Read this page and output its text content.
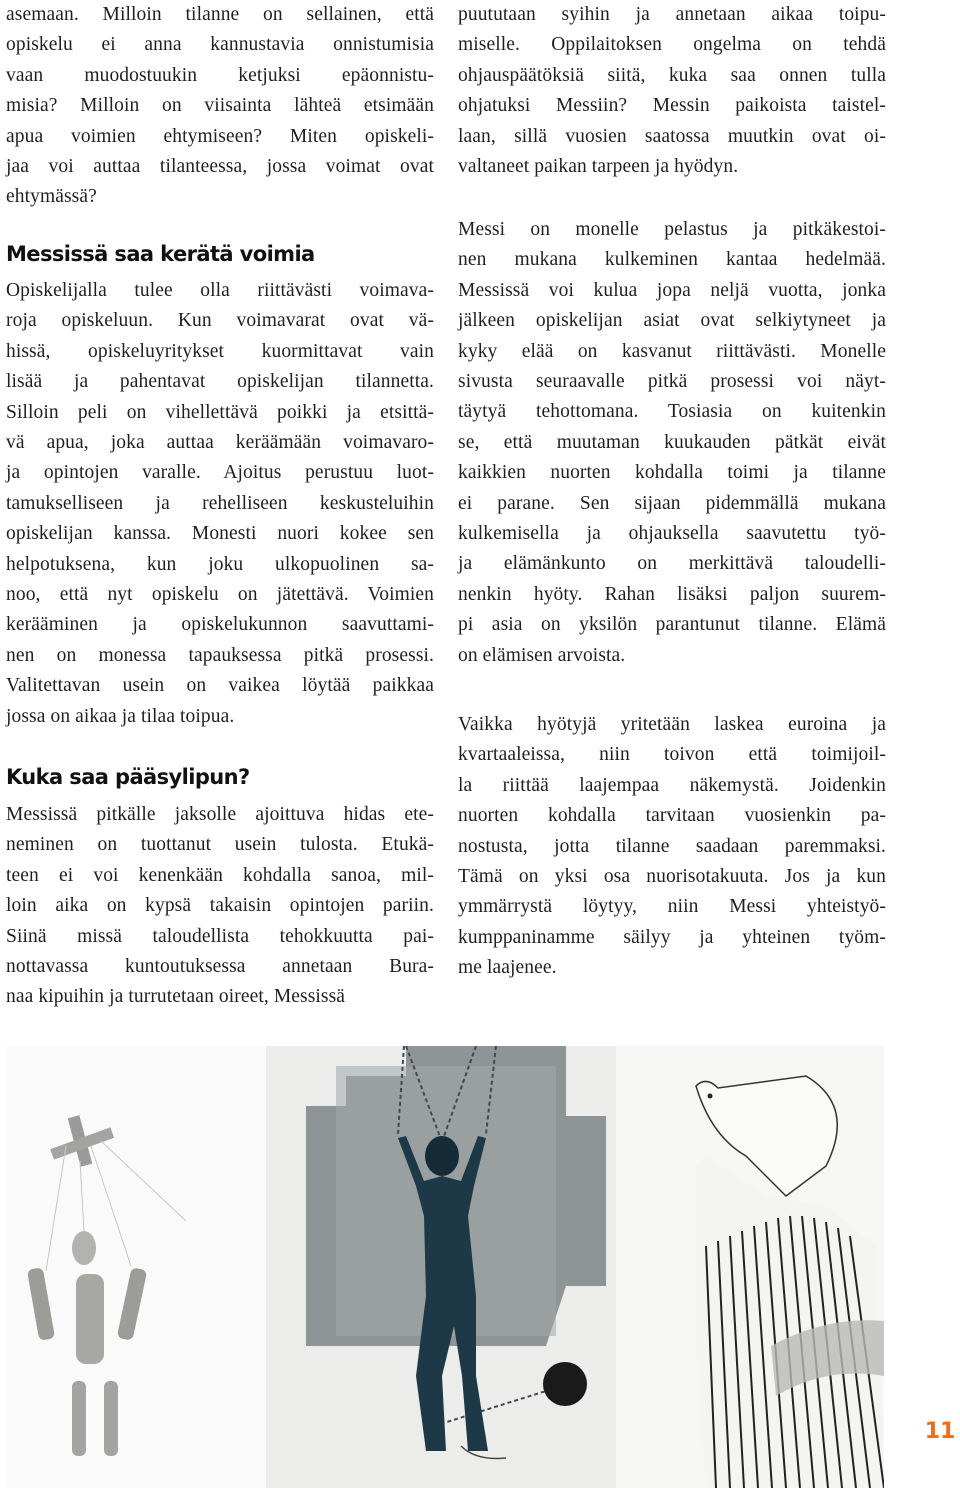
asemaan. Milloin tilanne on sellainen, että
opiskelu ei anna kannustavia onnistumisia
vaan muodostuukin ketjuksi epäonnistu-
misia? Milloin on viisainta lähteä etsimään
apua voimien ehtymiseen? Miten opiskeli-
jaa voi auttaa tilanteessa, jossa voimat ovat
ehtymässä?

Messissä saa kerätä voimia

Opiskelijalla tulee olla riittävästi voimava-
roja opiskeluun. Kun voimavarat ovat vä-
hissä, opiskeluyritykset kuormittavat vain
lisää ja pahentavat opiskelijan tilannetta.
Silloin peli on vihellettävä poikki ja etsittä-
vä apua, joka auttaa keräämään voimavaro-
ja opintojen varalle. Ajoitus perustuu luot-
tamukselliseen ja rehelliseen keskusteluihin
opiskelijan kanssa. Monesti nuori kokee sen
helpotuksena, kun joku ulkopuolinen sa-
noo, että nyt opiskelu on jätettävä. Voimien
kerääminen ja opiskelukunnon saavuttami-
nen on monessa tapauksessa pitkä prosessi.
Valitettavan usein on vaikea löytää paikkaa
jossa on aikaa ja tilaa toipua.

Kuka saa pääsylipun?

Messissä pitkälle jaksolle ajoittuva hidas ete-
neminen on tuottanut usein tulosta. Etukä-
teen ei voi kenenkään kohdalla sanoa, mil-
loin aika on kypsä takaisin opintojen pariin.
Siinä missä taloudellista tehokkuutta pai-
nottavassa kuntoutuksessa annetaan Bura-
naa kipuihin ja turrutetaan oireet, Messissä

puututaan syihin ja annetaan aikaa toipu-
miselle. Oppilaitoksen ongelma on tehdä
ohjauspäätöksiä siitä, kuka saa onnen tulla
ohjatuksi Messiin? Messin paikoista taistel-
laan, sillä vuosien saatossa muutkin ovat oi-
valtaneet paikan tarpeen ja hyödyn.

Messi on monelle pelastus ja pitkäkestoi-
nen mukana kulkeminen kantaa hedelmää.
Messissä voi kulua jopa neljä vuotta, jonka
jälkeen opiskelijan asiat ovat selkiytyneet ja
kyky elää on kasvanut riittävästi. Monelle
sivusta seuraavalle pitkä prosessi voi näyt-
täytyä tehottomana. Tosiasia on kuitenkin
se, että muutaman kuukauden pätkät eivät
kaikkien nuorten kohdalla toimi ja tilanne
ei parane. Sen sijaan pidemmällä mukana
kulkemisella ja ohjauksella saavutettu työ-
ja elämänkunto on merkittävä taloudelli-
nenkin hyöty. Rahan lisäksi paljon suurem-
pi asia on yksilön parantunut tilanne. Elämä
on elämisen arvoista.

Vaikka hyötyjä yritetään laskea euroina ja
kvartaaleissa, niin toivon että toimijoil-
la riittää laajempaa näkemystä. Joidenkin
nuorten kohdalla tarvitaan vuosienkin pa-
nostusta, jotta tilanne saadaan paremmaksi.
Tämä on yksi osa nuorisotakuuta. Jos ja kun
ymmärrystä löytyy, niin Messi yhteistyö-
kumppaninamme säilyy ja yhteinen työm-
me laajenee.

11
